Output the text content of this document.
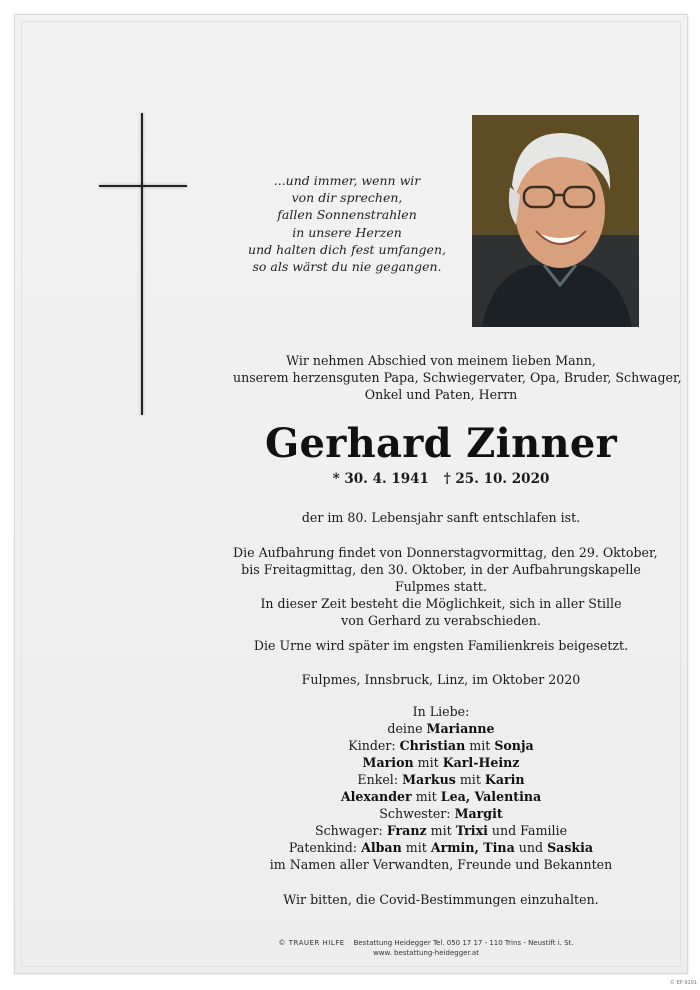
...und immer, wenn wir
von dir sprechen,
fallen Sonnenstrahlen
in unsere Herzen
und halten dich fest umfangen,
so als wärst du nie gegangen.
Wir nehmen Abschied von meinem lieben Mann,
unserem herzensguten Papa, Schwiegervater, Opa, Bruder, Schwager,
Onkel und Paten, Herrn
Gerhard Zinner
* 30. 4. 1941 † 25. 10. 2020
der im 80. Lebensjahr sanft entschlafen ist.
Die Aufbahrung findet von Donnerstagvormittag, den 29. Oktober,
bis Freitagmittag, den 30. Oktober, in der Aufbahrungskapelle
Fulpmes statt.
In dieser Zeit besteht die Möglichkeit, sich in aller Stille
von Gerhard zu verabschieden.
Die Urne wird später im engsten Familienkreis beigesetzt.
Fulpmes, Innsbruck, Linz, im Oktober 2020
In Liebe:
deine Marianne
Kinder: Christian mit Sonja
Marion mit Karl-Heinz
Enkel: Markus mit Karin
Alexander mit Lea, Valentina
Schwester: Margit
Schwager: Franz mit Trixi und Familie
Patenkind: Alban mit Armin, Tina und Saskia
im Namen aller Verwandten, Freunde und Bekannten
Wir bitten, die Covid-Bestimmungen einzuhalten.
© TRAUER HILFE Bestattung Heidegger Tel. 050 17 17 - 110 Trins - Neustift i. St.
www. bestattung-heidegger.at
© EP 9101
